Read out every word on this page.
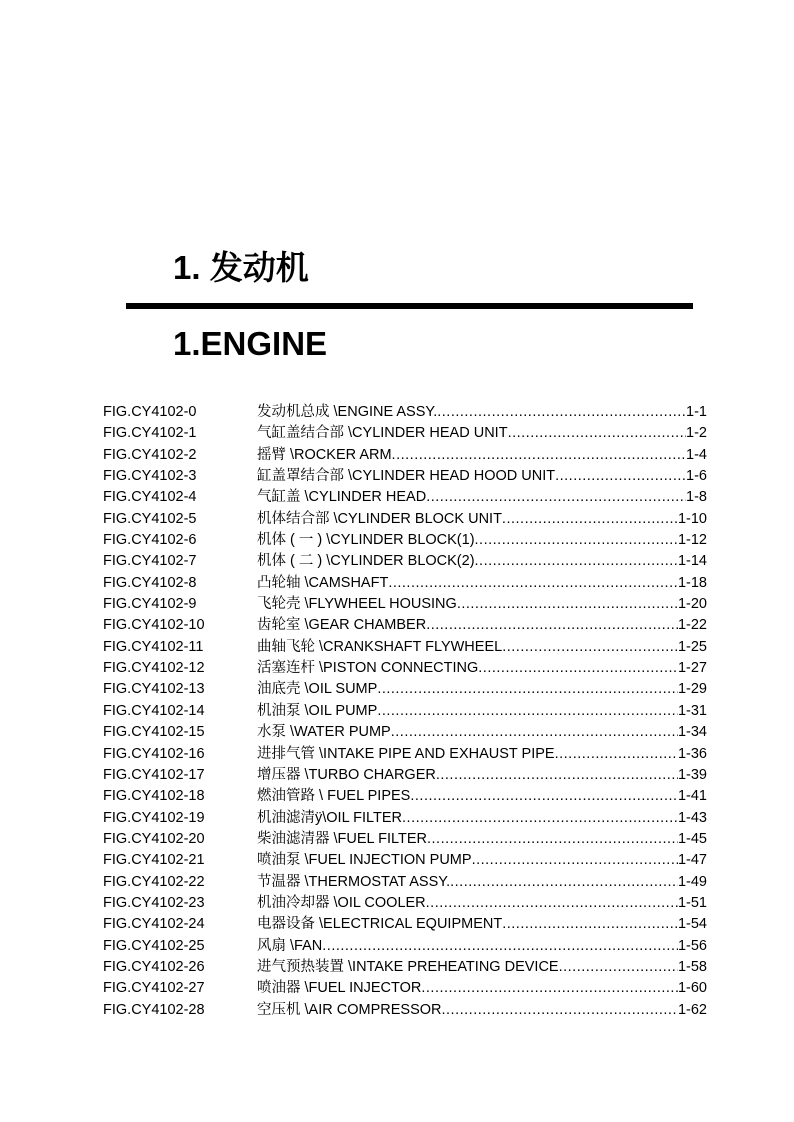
1. 发动机
1.ENGINE
FIG.CY4102-0	发动机总成 \ENGINE ASSY. .....	1-1
FIG.CY4102-1	气缸盖结合部 \CYLINDER HEAD UNIT .....	1-2
FIG.CY4102-2	摇臂 \ROCKER ARM .....	1-4
FIG.CY4102-3	缸盖罩结合部 \CYLINDER HEAD HOOD UNIT .....	1-6
FIG.CY4102-4	气缸盖 \CYLINDER HEAD .....	1-8
FIG.CY4102-5	机体结合部 \CYLINDER BLOCK UNIT .....	1-10
FIG.CY4102-6	机体 ( 一 ) \CYLINDER BLOCK(1) .....	1-12
FIG.CY4102-7	机体 ( 二 ) \CYLINDER BLOCK(2) .....	1-14
FIG.CY4102-8	凸轮轴 \CAMSHAFT .....	1-18
FIG.CY4102-9	飞轮壳 \FLYWHEEL HOUSING .....	1-20
FIG.CY4102-10	齿轮室 \GEAR CHAMBER .....	1-22
FIG.CY4102-11	曲轴飞轮 \CRANKSHAFT FLYWHEEL .....	1-25
FIG.CY4102-12	活塞连杆 \PISTON CONNECTING .....	1-27
FIG.CY4102-13	油底壳 \OIL SUMP .....	1-29
FIG.CY4102-14	机油泵 \OIL PUMP .....	1-31
FIG.CY4102-15	水泵 \WATER PUMP .....	1-34
FIG.CY4102-16	进排气管 \INTAKE PIPE AND EXHAUST PIPE .....	1-36
FIG.CY4102-17	增压器 \TURBO CHARGER .....	1-39
FIG.CY4102-18	燃油管路 \ FUEL PIPES .....	1-41
FIG.CY4102-19	机油滤清ÿ\OIL FILTER .....	1-43
FIG.CY4102-20	柴油滤清器 \FUEL FILTER .....	1-45
FIG.CY4102-21	喷油泵 \FUEL INJECTION PUMP .....	1-47
FIG.CY4102-22	节温器 \THERMOSTAT ASSY. .....	1-49
FIG.CY4102-23	机油冷却器 \OIL COOLER .....	1-51
FIG.CY4102-24	电器设备 \ELECTRICAL EQUIPMENT .....	1-54
FIG.CY4102-25	风扇 \FAN .....	1-56
FIG.CY4102-26	进气预热装置 \INTAKE PREHEATING DEVICE .....	1-58
FIG.CY4102-27	喷油器 \FUEL INJECTOR .....	1-60
FIG.CY4102-28	空压机 \AIR COMPRESSOR .....	1-62
